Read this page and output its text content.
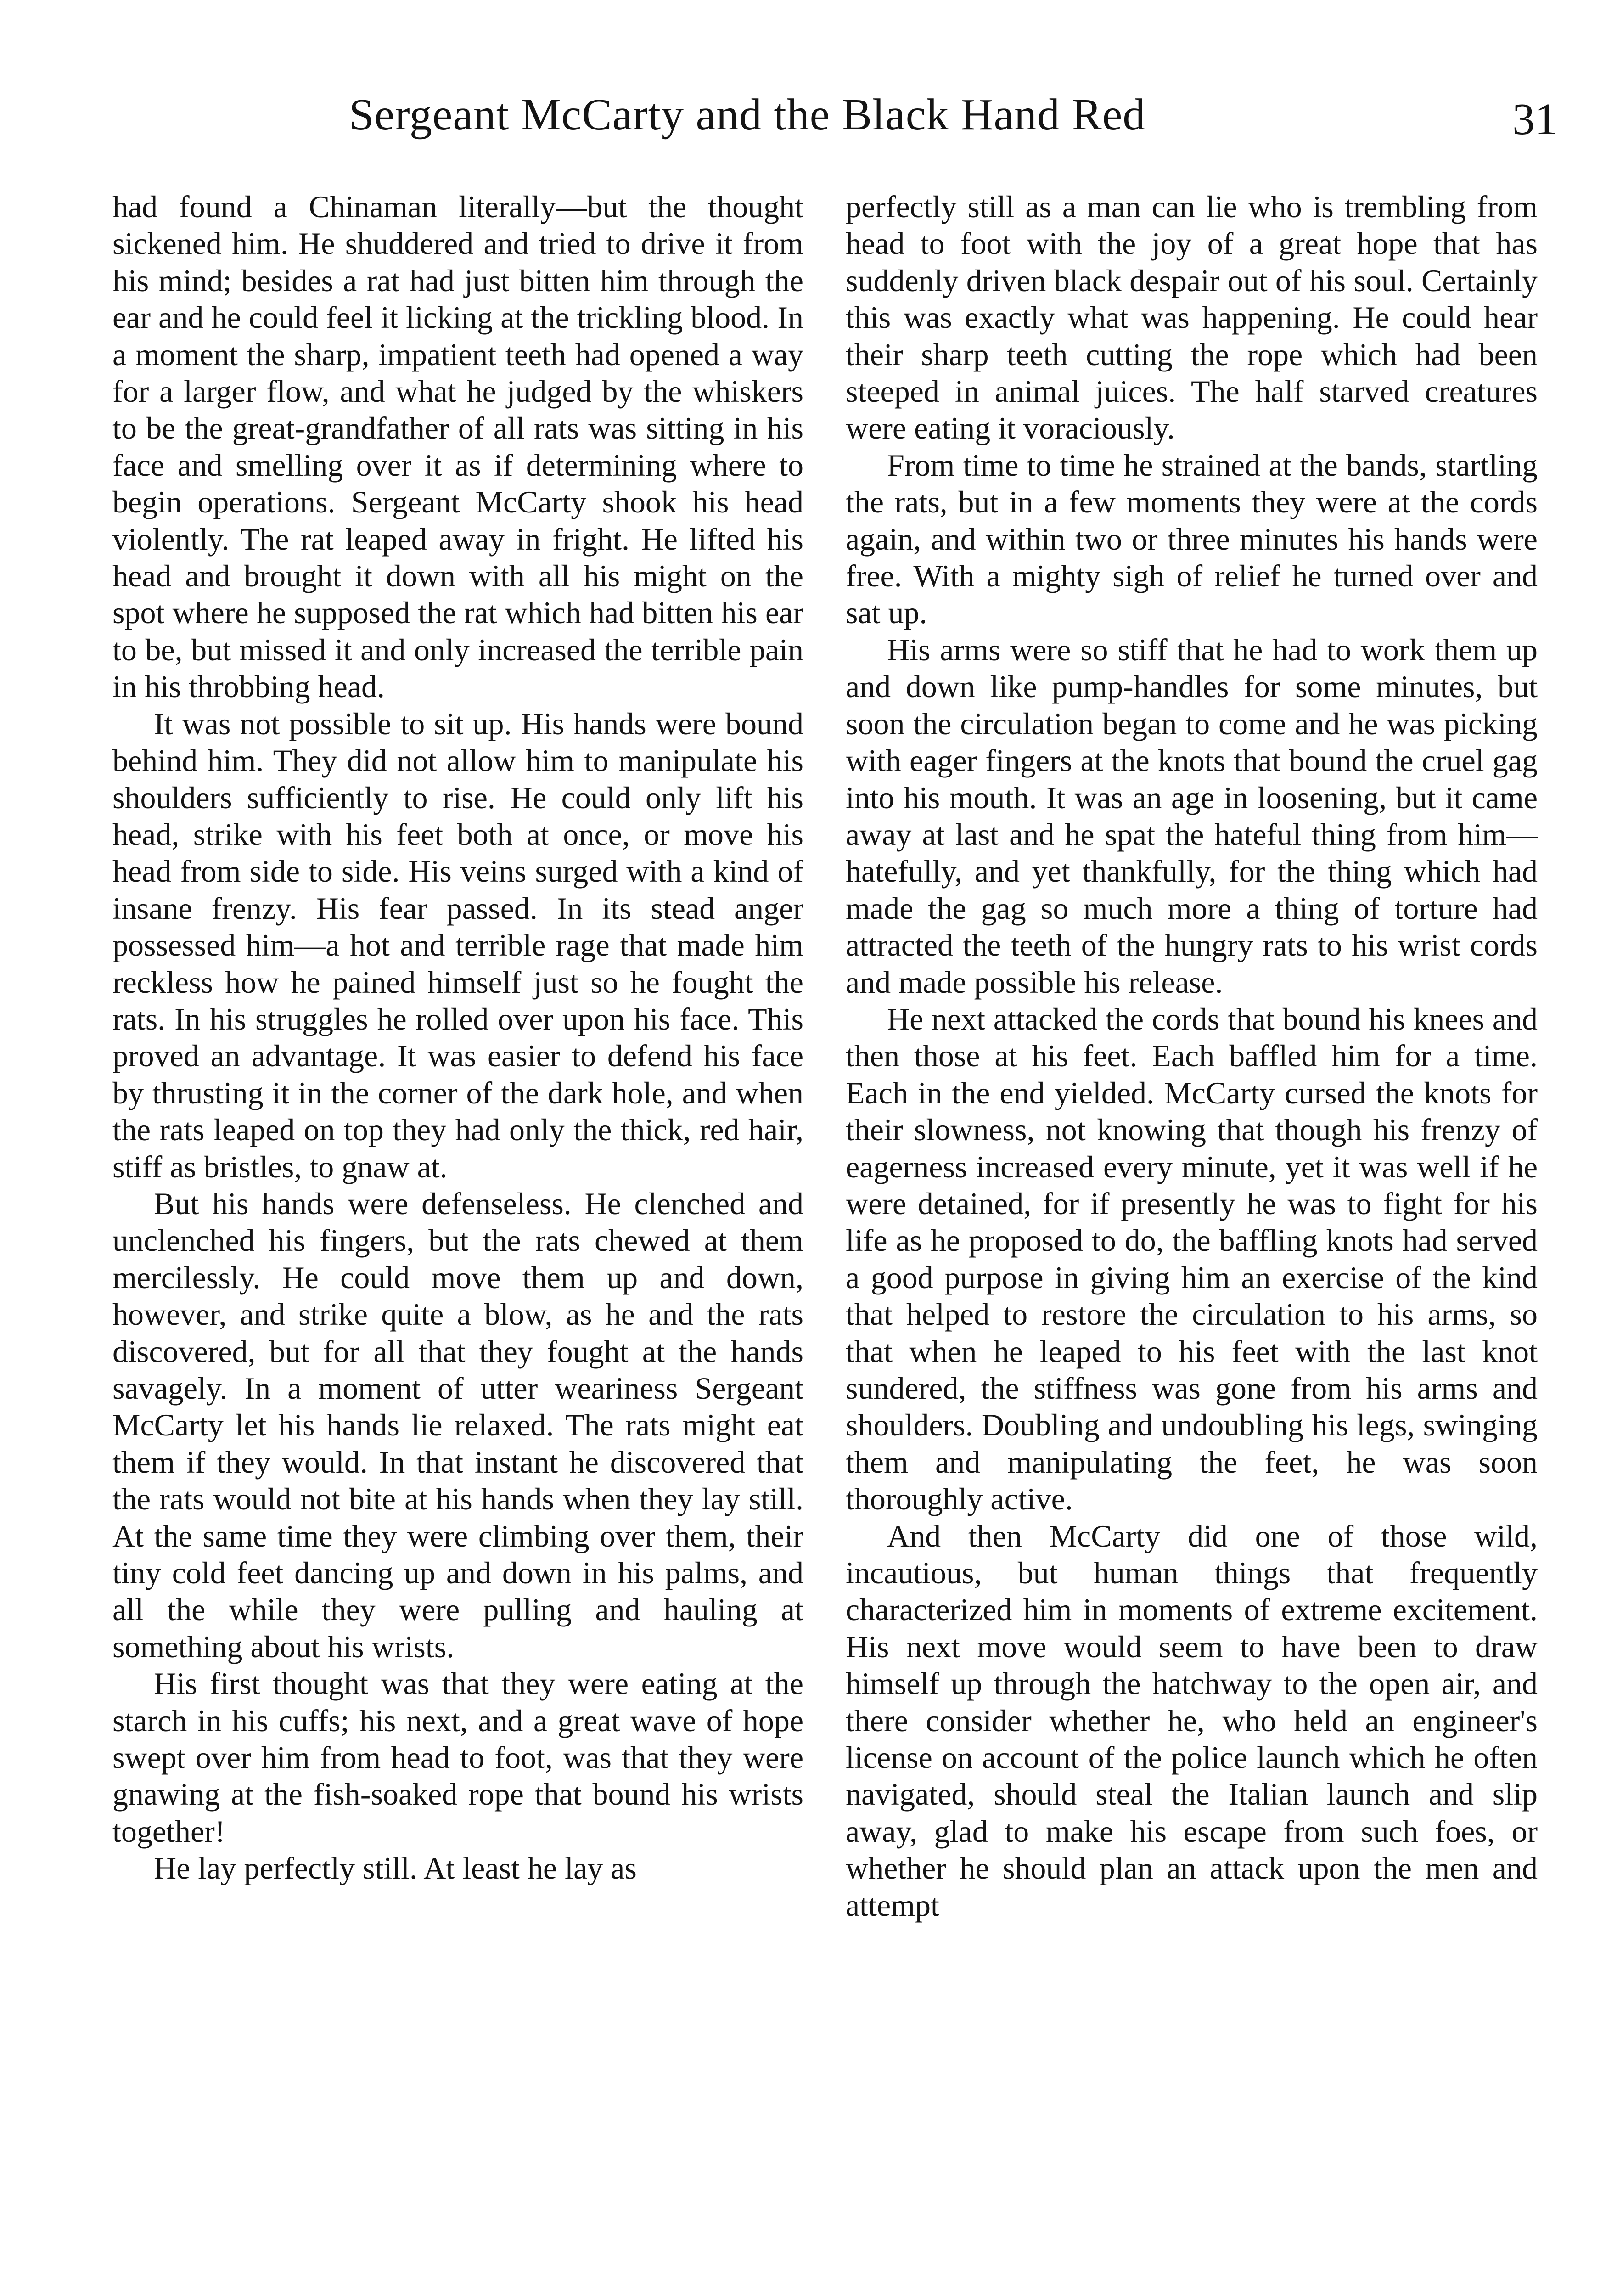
Sergeant McCarty and the Black Hand Red	31

had found a Chinaman literally—but the thought sickened him. He shuddered and tried to drive it from his mind; besides a rat had just bitten him through the ear and he could feel it licking at the trickling blood. In a moment the sharp, impatient teeth had opened a way for a larger flow, and what he judged by the whiskers to be the great-grandfather of all rats was sitting in his face and smelling over it as if determining where to begin operations. Sergeant McCarty shook his head violently. The rat leaped away in fright. He lifted his head and brought it down with all his might on the spot where he supposed the rat which had bitten his ear to be, but missed it and only increased the terrible pain in his throbbing head.

It was not possible to sit up. His hands were bound behind him. They did not allow him to manipulate his shoulders sufficiently to rise. He could only lift his head, strike with his feet both at once, or move his head from side to side. His veins surged with a kind of insane frenzy. His fear passed. In its stead anger possessed him—a hot and terrible rage that made him reckless how he pained himself just so he fought the rats. In his struggles he rolled over upon his face. This proved an advantage. It was easier to defend his face by thrusting it in the corner of the dark hole, and when the rats leaped on top they had only the thick, red hair, stiff as bristles, to gnaw at.

But his hands were defenseless. He clenched and unclenched his fingers, but the rats chewed at them mercilessly. He could move them up and down, however, and strike quite a blow, as he and the rats discovered, but for all that they fought at the hands savagely. In a moment of utter weariness Sergeant McCarty let his hands lie relaxed. The rats might eat them if they would. In that instant he discovered that the rats would not bite at his hands when they lay still. At the same time they were climbing over them, their tiny cold feet dancing up and down in his palms, and all the while they were pulling and hauling at something about his wrists.

His first thought was that they were eating at the starch in his cuffs; his next, and a great wave of hope swept over him from head to foot, was that they were gnawing at the fish-soaked rope that bound his wrists together!

He lay perfectly still. At least he lay as

perfectly still as a man can lie who is trembling from head to foot with the joy of a great hope that has suddenly driven black despair out of his soul. Certainly this was exactly what was happening. He could hear their sharp teeth cutting the rope which had been steeped in animal juices. The half starved creatures were eating it voraciously.

From time to time he strained at the bands, startling the rats, but in a few moments they were at the cords again, and within two or three minutes his hands were free. With a mighty sigh of relief he turned over and sat up.

His arms were so stiff that he had to work them up and down like pump-handles for some minutes, but soon the circulation began to come and he was picking with eager fingers at the knots that bound the cruel gag into his mouth. It was an age in loosening, but it came away at last and he spat the hateful thing from him—hatefully, and yet thankfully, for the thing which had made the gag so much more a thing of torture had attracted the teeth of the hungry rats to his wrist cords and made possible his release.

He next attacked the cords that bound his knees and then those at his feet. Each baffled him for a time. Each in the end yielded. McCarty cursed the knots for their slowness, not knowing that though his frenzy of eagerness increased every minute, yet it was well if he were detained, for if presently he was to fight for his life as he proposed to do, the baffling knots had served a good purpose in giving him an exercise of the kind that helped to restore the circulation to his arms, so that when he leaped to his feet with the last knot sundered, the stiffness was gone from his arms and shoulders. Doubling and undoubling his legs, swinging them and manipulating the feet, he was soon thoroughly active.

And then McCarty did one of those wild, incautious, but human things that frequently characterized him in moments of extreme excitement. His next move would seem to have been to draw himself up through the hatchway to the open air, and there consider whether he, who held an engineer's license on account of the police launch which he often navigated, should steal the Italian launch and slip away, glad to make his escape from such foes, or whether he should plan an attack upon the men and attempt
